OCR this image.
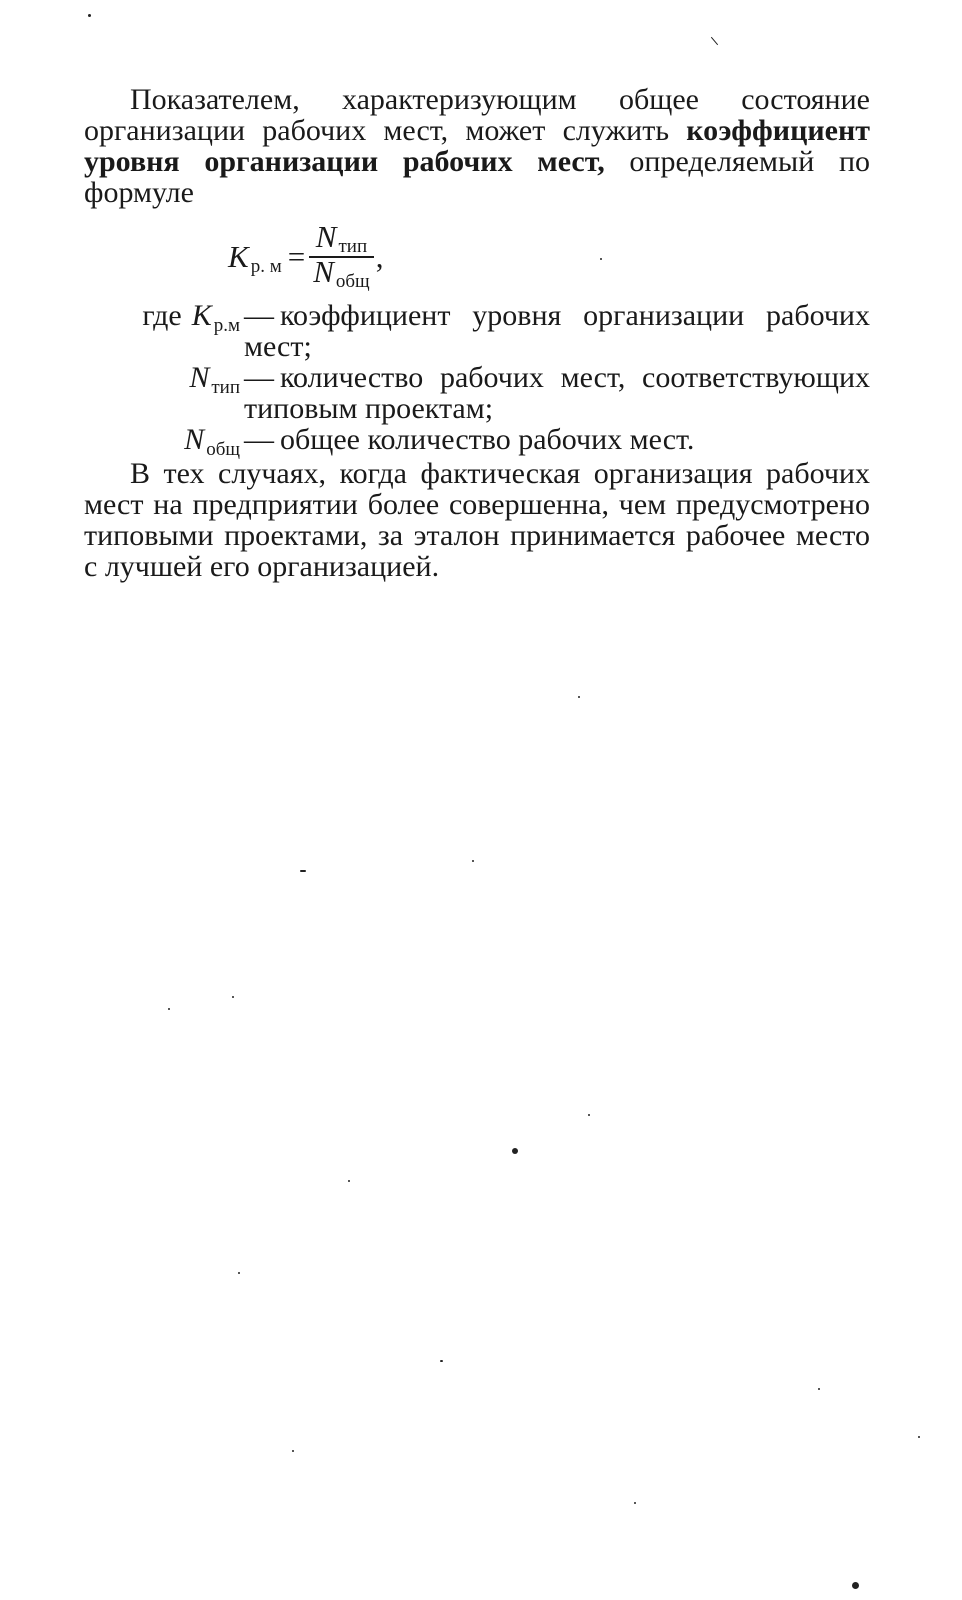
Показателем, характеризующим общее состояние организации рабочих мест, может служить коэффициент уровня организации рабочих мест, определяемый по формуле

K р. $м = \frac{\text{N тип}}{\text{N общ}}$ ,
где K $_{р.м}$ — коэффициент уровня организации рабочих мест;
N $_{тип}$ — количество рабочих мест, соответствующих типовым проектам;
N $_{общ}$ — общее количество рабочих мест.

В тех случаях, когда фактическая организация рабочих мест на предприятии более совершенна, чем предусмотрено типовыми проектами, за эталон принимается рабочее место с лучшей его организацией.
